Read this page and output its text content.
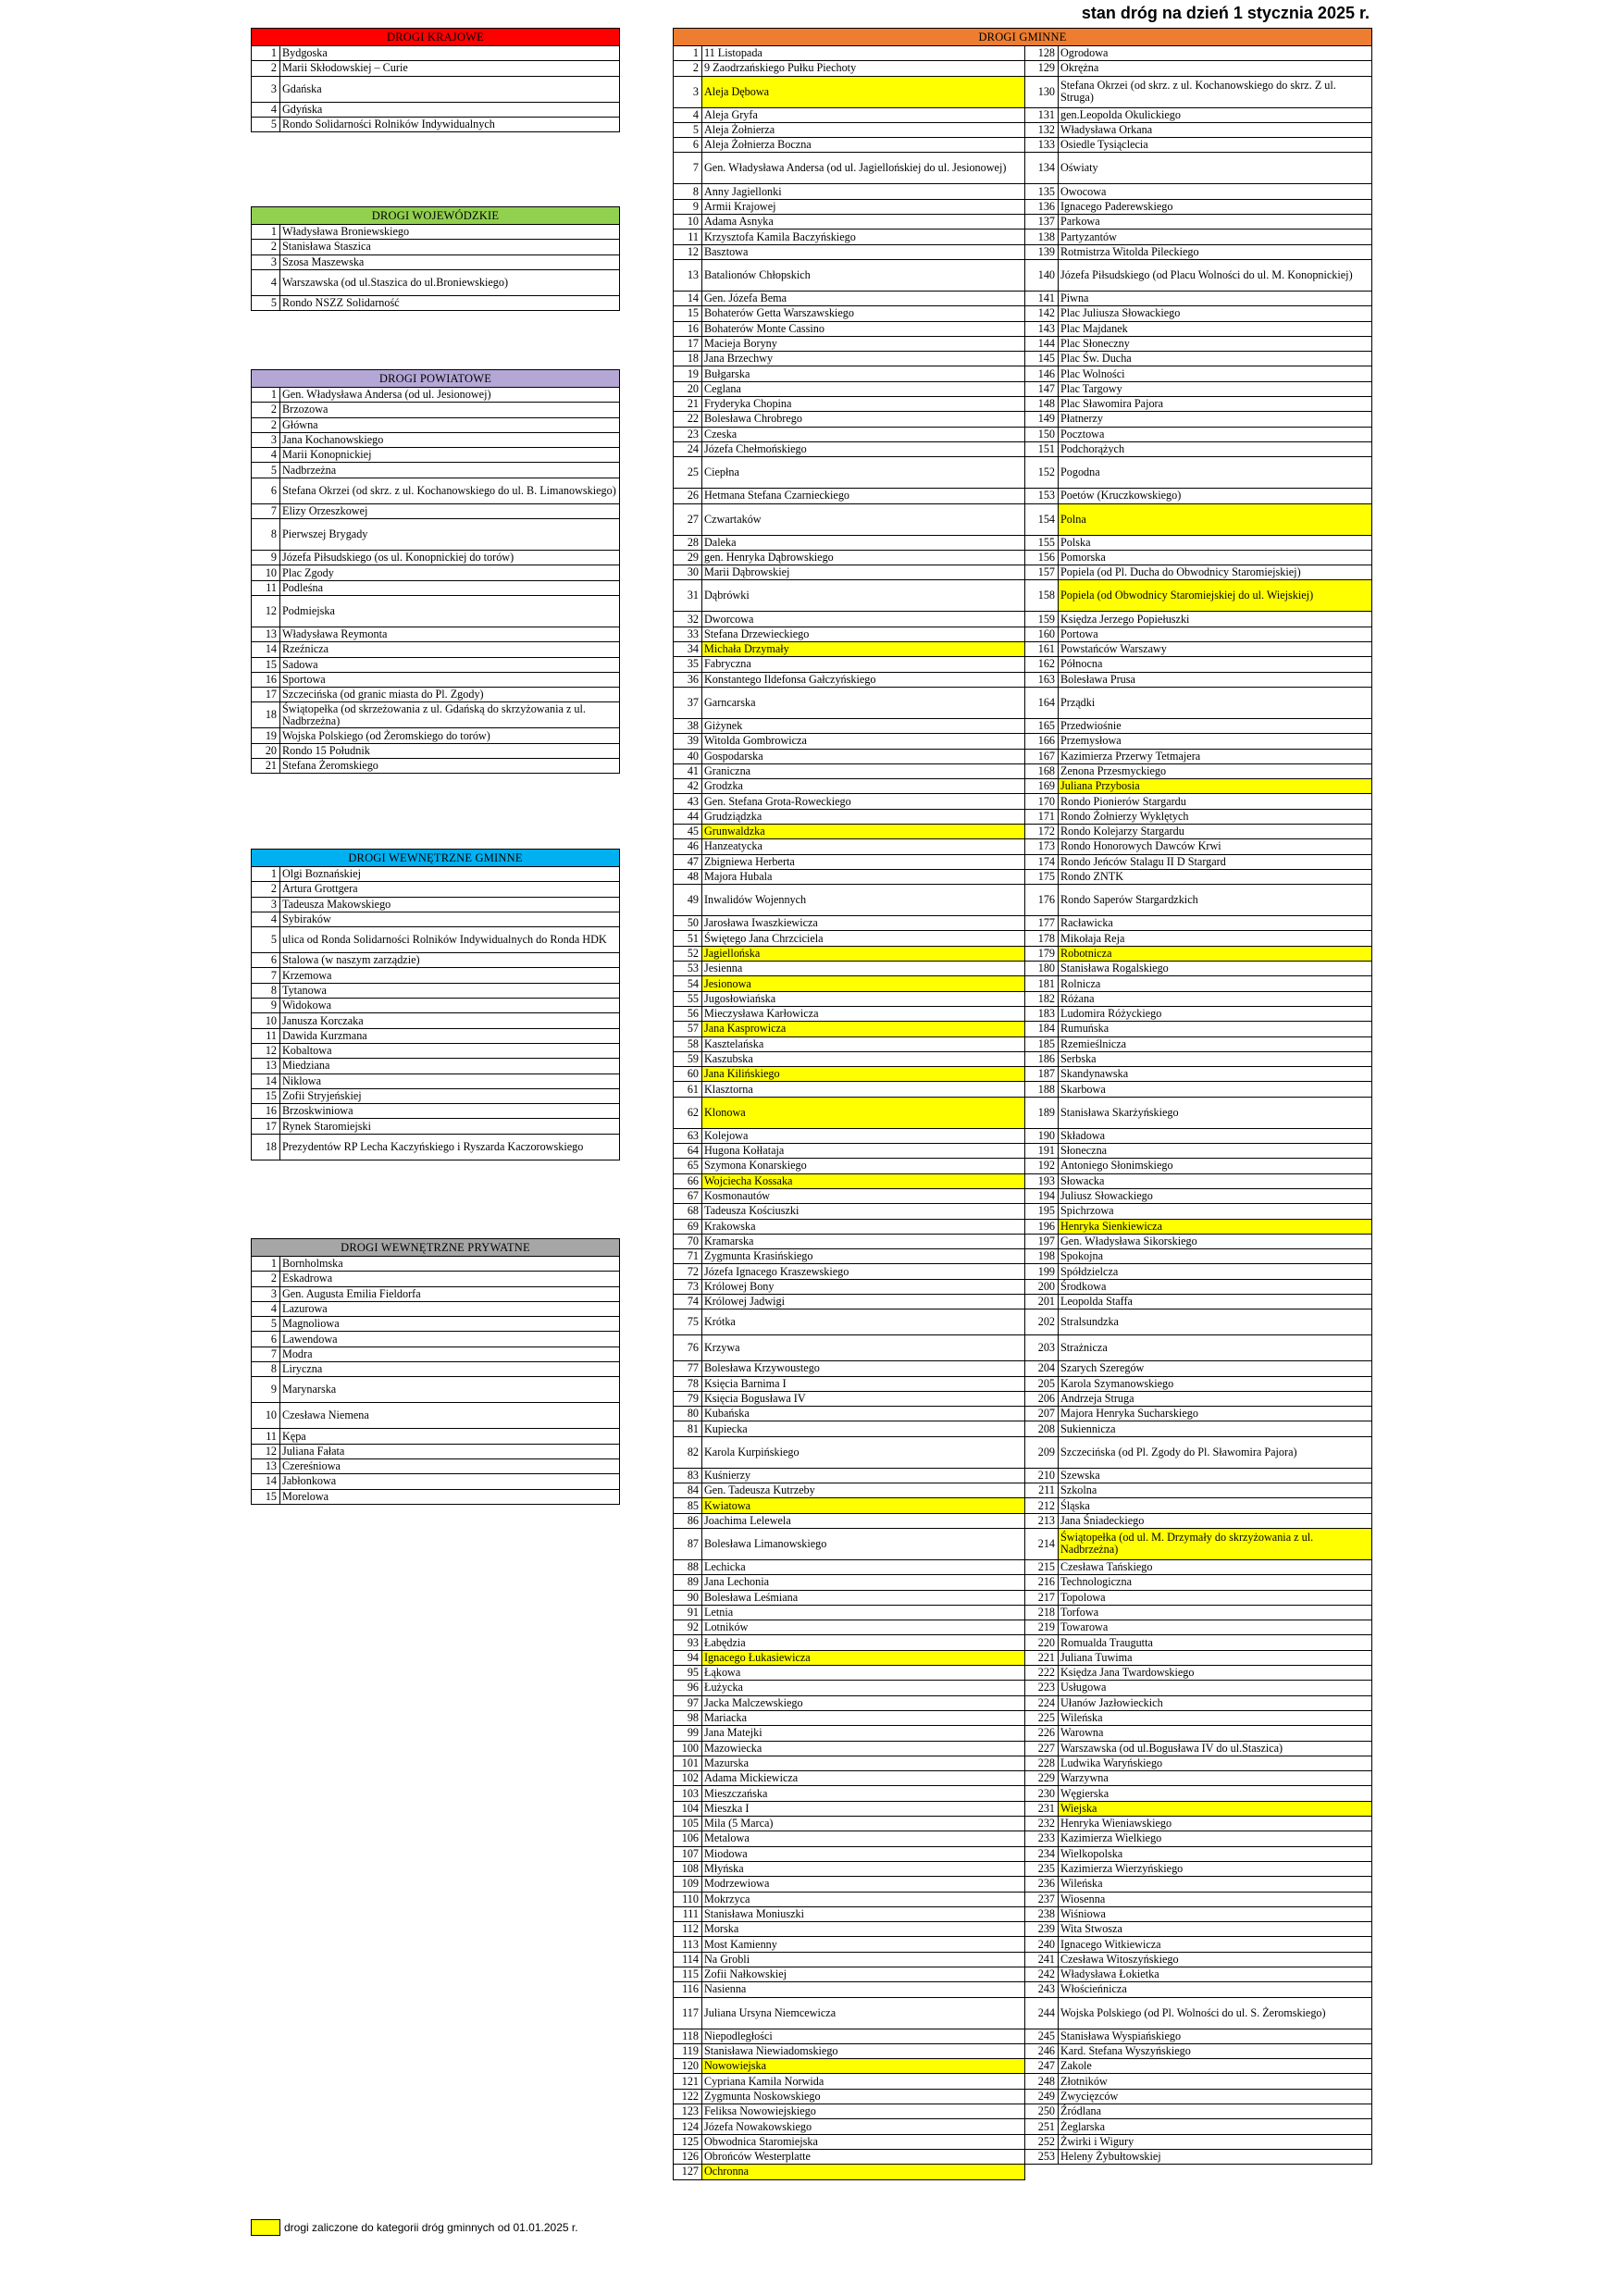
stan dróg na dzień 1 stycznia 2025 r.
DROGI KRAJOWE	
1	Bydgoska
2	Marii Skłodowskiej – Curie
3	Gdańska
4	Gdyńska
5	Rondo Solidarności Rolników Indywidualnych
DROGI WOJEWÓDZKIE	
1	Władysława Broniewskiego
2	Stanisława Staszica
3	Szosa Maszewska
4	Warszawska (od ul.Staszica do ul.Broniewskiego)
5	Rondo NSZZ Solidarność
DROGI POWIATOWE	
1	Gen. Władysława Andersa (od ul. Jesionowej)
2	Brzozowa
2	Główna
3	Jana Kochanowskiego
4	Marii Konopnickiej
5	Nadbrzeżna
6	Stefana Okrzei (od skrz. z ul. Kochanowskiego do ul. B. Limanowskiego)
7	Elizy Orzeszkowej
8	Pierwszej Brygady
9	Józefa Piłsudskiego (os ul. Konopnickiej do torów)
10	Plac Zgody
11	Podleśna
12	Podmiejska
13	Władysława Reymonta
14	Rzeźnicza
15	Sadowa
16	Sportowa
17	Szczecińska (od granic miasta do Pl. Zgody)
18	Świątopełka (od skrzeżowania z ul. Gdańską do skrzyżowania z ul. Nadbrzeżna)
19	Wojska Polskiego (od Żeromskiego do torów)
20	Rondo 15 Południk
21	Stefana Żeromskiego
DROGI WEWNĘTRZNE GMINNE	
1	Olgi Boznańskiej
2	Artura Grottgera
3	Tadeusza Makowskiego
4	Sybiraków
5	ulica od Ronda Solidarności Rolników Indywidualnych do Ronda HDK
6	Stalowa (w naszym zarządzie)
7	Krzemowa
8	Tytanowa
9	Widokowa
10	Janusza Korczaka
11	Dawida Kurzmana
12	Kobaltowa
13	Miedziana
14	Niklowa
15	Zofii Stryjeńskiej
16	Brzoskwiniowa
17	Rynek Staromiejski
18	Prezydentów RP Lecha Kaczyńskiego i Ryszarda Kaczorowskiego
DROGI WEWNĘTRZNE PRYWATNE	
1	Bornholmska
2	Eskadrowa
3	Gen. Augusta Emilia Fieldorfa
4	Lazurowa
5	Magnoliowa
6	Lawendowa
7	Modra
8	Liryczna
9	Marynarska
10	Czesława Niemena
11	Kępa
12	Juliana Fałata
13	Czereśniowa
14	Jabłonkowa
15	Morelowa
DROGI GMINNE			
1	11 Listopada	128	Ogrodowa
2	9 Zaodrzańskiego Pułku Piechoty	129	Okrężna
3	Aleja Dębowa	130	Stefana Okrzei (od skrz. z ul. Kochanowskiego do skrz. Z ul. Struga)
4	Aleja Gryfa	131	gen.Leopolda Okulickiego
5	Aleja Żołnierza	132	Władysława Orkana
6	Aleja Żołnierza Boczna	133	Osiedle Tysiąclecia
7	Gen. Władysława Andersa (od ul. Jagiellońskiej do ul. Jesionowej)	134	Oświaty
8	Anny Jagiellonki	135	Owocowa
9	Armii Krajowej	136	Ignacego Paderewskiego
10	Adama Asnyka	137	Parkowa
11	Krzysztofa Kamila Baczyńskiego	138	Partyzantów
12	Basztowa	139	Rotmistrza Witolda Pileckiego
13	Batalionów Chłopskich	140	Józefa Piłsudskiego (od Placu Wolności do ul. M. Konopnickiej)
14	Gen. Józefa Bema	141	Piwna
15	Bohaterów Getta Warszawskiego	142	Plac Juliusza Słowackiego
16	Bohaterów Monte Cassino	143	Plac Majdanek
17	Macieja Boryny	144	Plac Słoneczny
18	Jana Brzechwy	145	Plac Św. Ducha
19	Bułgarska	146	Plac Wolności
20	Ceglana	147	Plac Targowy
21	Fryderyka Chopina	148	Plac Sławomira Pajora
22	Bolesława Chrobrego	149	Płatnerzy
23	Czeska	150	Pocztowa
24	Józefa Chełmońskiego	151	Podchorążych
25	Ciepłna	152	Pogodna
26	Hetmana Stefana Czarnieckiego	153	Poetów (Kruczkowskiego)
27	Czwartaków	154	Polna
28	Daleka	155	Polska
29	gen. Henryka Dąbrowskiego	156	Pomorska
30	Marii Dąbrowskiej	157	Popiela (od Pl. Ducha do Obwodnicy Staromiejskiej)
31	Dąbrówki	158	Popiela (od Obwodnicy Staromiejskiej do ul. Wiejskiej)
32	Dworcowa	159	Księdza Jerzego Popiełuszki
33	Stefana Drzewieckiego	160	Portowa
34	Michała Drzymały	161	Powstańców Warszawy
35	Fabryczna	162	Północna
36	Konstantego Ildefonsa Gałczyńskiego	163	Bolesława Prusa
37	Garncarska	164	Prządki
38	Giżynek	165	Przedwiośnie
39	Witolda Gombrowicza	166	Przemysłowa
40	Gospodarska	167	Kazimierza Przerwy Tetmajera
41	Graniczna	168	Zenona Przesmyckiego
42	Grodzka	169	Juliana Przybosia
43	Gen. Stefana Grota-Roweckiego	170	Rondo Pionierów Stargardu
44	Grudziądzka	171	Rondo Żołnierzy Wyklętych
45	Grunwaldzka	172	Rondo Kolejarzy Stargardu
46	Hanzeatycka	173	Rondo Honorowych Dawców Krwi
47	Zbigniewa Herberta	174	Rondo Jeńców Stalagu II D Stargard
48	Majora Hubala	175	Rondo ZNTK
49	Inwalidów Wojennych	176	Rondo Saperów Stargardzkich
50	Jarosława Iwaszkiewicza	177	Racławicka
51	Świętego Jana Chrzciciela	178	Mikołaja Reja
52	Jagiellońska	179	Robotnicza
53	Jesienna	180	Stanisława Rogalskiego
54	Jesionowa	181	Rolnicza
55	Jugosłowiańska	182	Różana
56	Mieczysława Karłowicza	183	Ludomira Różyckiego
57	Jana Kasprowicza	184	Rumuńska
58	Kasztelańska	185	Rzemieślnicza
59	Kaszubska	186	Serbska
60	Jana Kilińskiego	187	Skandynawska
61	Klasztorna	188	Skarbowa
62	Klonowa	189	Stanisława Skarżyńskiego
63	Kolejowa	190	Składowa
64	Hugona Kołłataja	191	Słoneczna
65	Szymona Konarskiego	192	Antoniego Słonimskiego
66	Wojciecha Kossaka	193	Słowacka
67	Kosmonautów	194	Juliusz Słowackiego
68	Tadeusza Kościuszki	195	Spichrzowa
69	Krakowska	196	Henryka Sienkiewicza
70	Kramarska	197	Gen. Władysława Sikorskiego
71	Zygmunta Krasińskiego	198	Spokojna
72	Józefa Ignacego Kraszewskiego	199	Spółdzielcza
73	Królowej Bony	200	Środkowa
74	Królowej Jadwigi	201	Leopolda Staffa
75	Krótka	202	Stralsundzka
76	Krzywa	203	Strażnicza
77	Bolesława Krzywoustego	204	Szarych Szeregów
78	Księcia Barnima I	205	Karola Szymanowskiego
79	Księcia Bogusława IV	206	Andrzeja Struga
80	Kubańska	207	Majora Henryka Sucharskiego
81	Kupiecka	208	Sukiennicza
82	Karola Kurpińskiego	209	Szczecińska (od Pl. Zgody do Pl. Sławomira Pajora)
83	Kuśnierzy	210	Szewska
84	Gen. Tadeusza Kutrzeby	211	Szkolna
85	Kwiatowa	212	Śląska
86	Joachima Lelewela	213	Jana Śniadeckiego
87	Bolesława Limanowskiego	214	Świątopełka (od ul. M. Drzymały do skrzyżowania z ul. Nadbrzeżna)
88	Lechicka	215	Czesława Tańskiego
89	Jana Lechonia	216	Technologiczna
90	Bolesława Leśmiana	217	Topolowa
91	Letnia	218	Torfowa
92	Lotników	219	Towarowa
93	Łabędzia	220	Romualda Traugutta
94	Ignacego Łukasiewicza	221	Juliana Tuwima
95	Łąkowa	222	Księdza Jana Twardowskiego
96	Łużycka	223	Usługowa
97	Jacka Malczewskiego	224	Ułanów Jazłowieckich
98	Mariacka	225	Wileńska
99	Jana Matejki	226	Warowna
100	Mazowiecka	227	Warszawska (od ul.Bogusława IV do ul.Staszica)
101	Mazurska	228	Ludwika Waryńskiego
102	Adama Mickiewicza	229	Warzywna
103	Mieszczańska	230	Węgierska
104	Mieszka I	231	Wiejska
105	Mila (5 Marca)	232	Henryka Wieniawskiego
106	Metalowa	233	Kazimierza Wielkiego
107	Miodowa	234	Wielkopolska
108	Młyńska	235	Kazimierza Wierzyńskiego
109	Modrzewiowa	236	Wileńska
110	Mokrzyca	237	Wiosenna
111	Stanisława Moniuszki	238	Wiśniowa
112	Morska	239	Wita Stwosza
113	Most Kamienny	240	Ignacego Witkiewicza
114	Na Grobli	241	Czesława Witoszyńskiego
115	Zofii Nałkowskiej	242	Władysława Łokietka
116	Nasienna	243	Włościeńnicza
117	Juliana Ursyna Niemcewicza	244	Wojska Polskiego (od Pl. Wolności do ul. S. Żeromskiego)
118	Niepodległości	245	Stanisława Wyspiańskiego
119	Stanisława Niewiadomskiego	246	Kard. Stefana Wyszyńskiego
120	Nowowiejska	247	Zakole
121	Cypriana Kamila Norwida	248	Złotników
122	Zygmunta Noskowskiego	249	Zwycięzców
123	Feliksa Nowowiejskiego	250	Źródlana
124	Józefa Nowakowskiego	251	Żeglarska
125	Obwodnica Staromiejska	252	Żwirki i Wigury
126	Obrońców Westerplatte	253	Heleny Żybułtowskiej
127	Ochronna		
drogi zaliczone do kategorii dróg gminnych od 01.01.2025 r.
